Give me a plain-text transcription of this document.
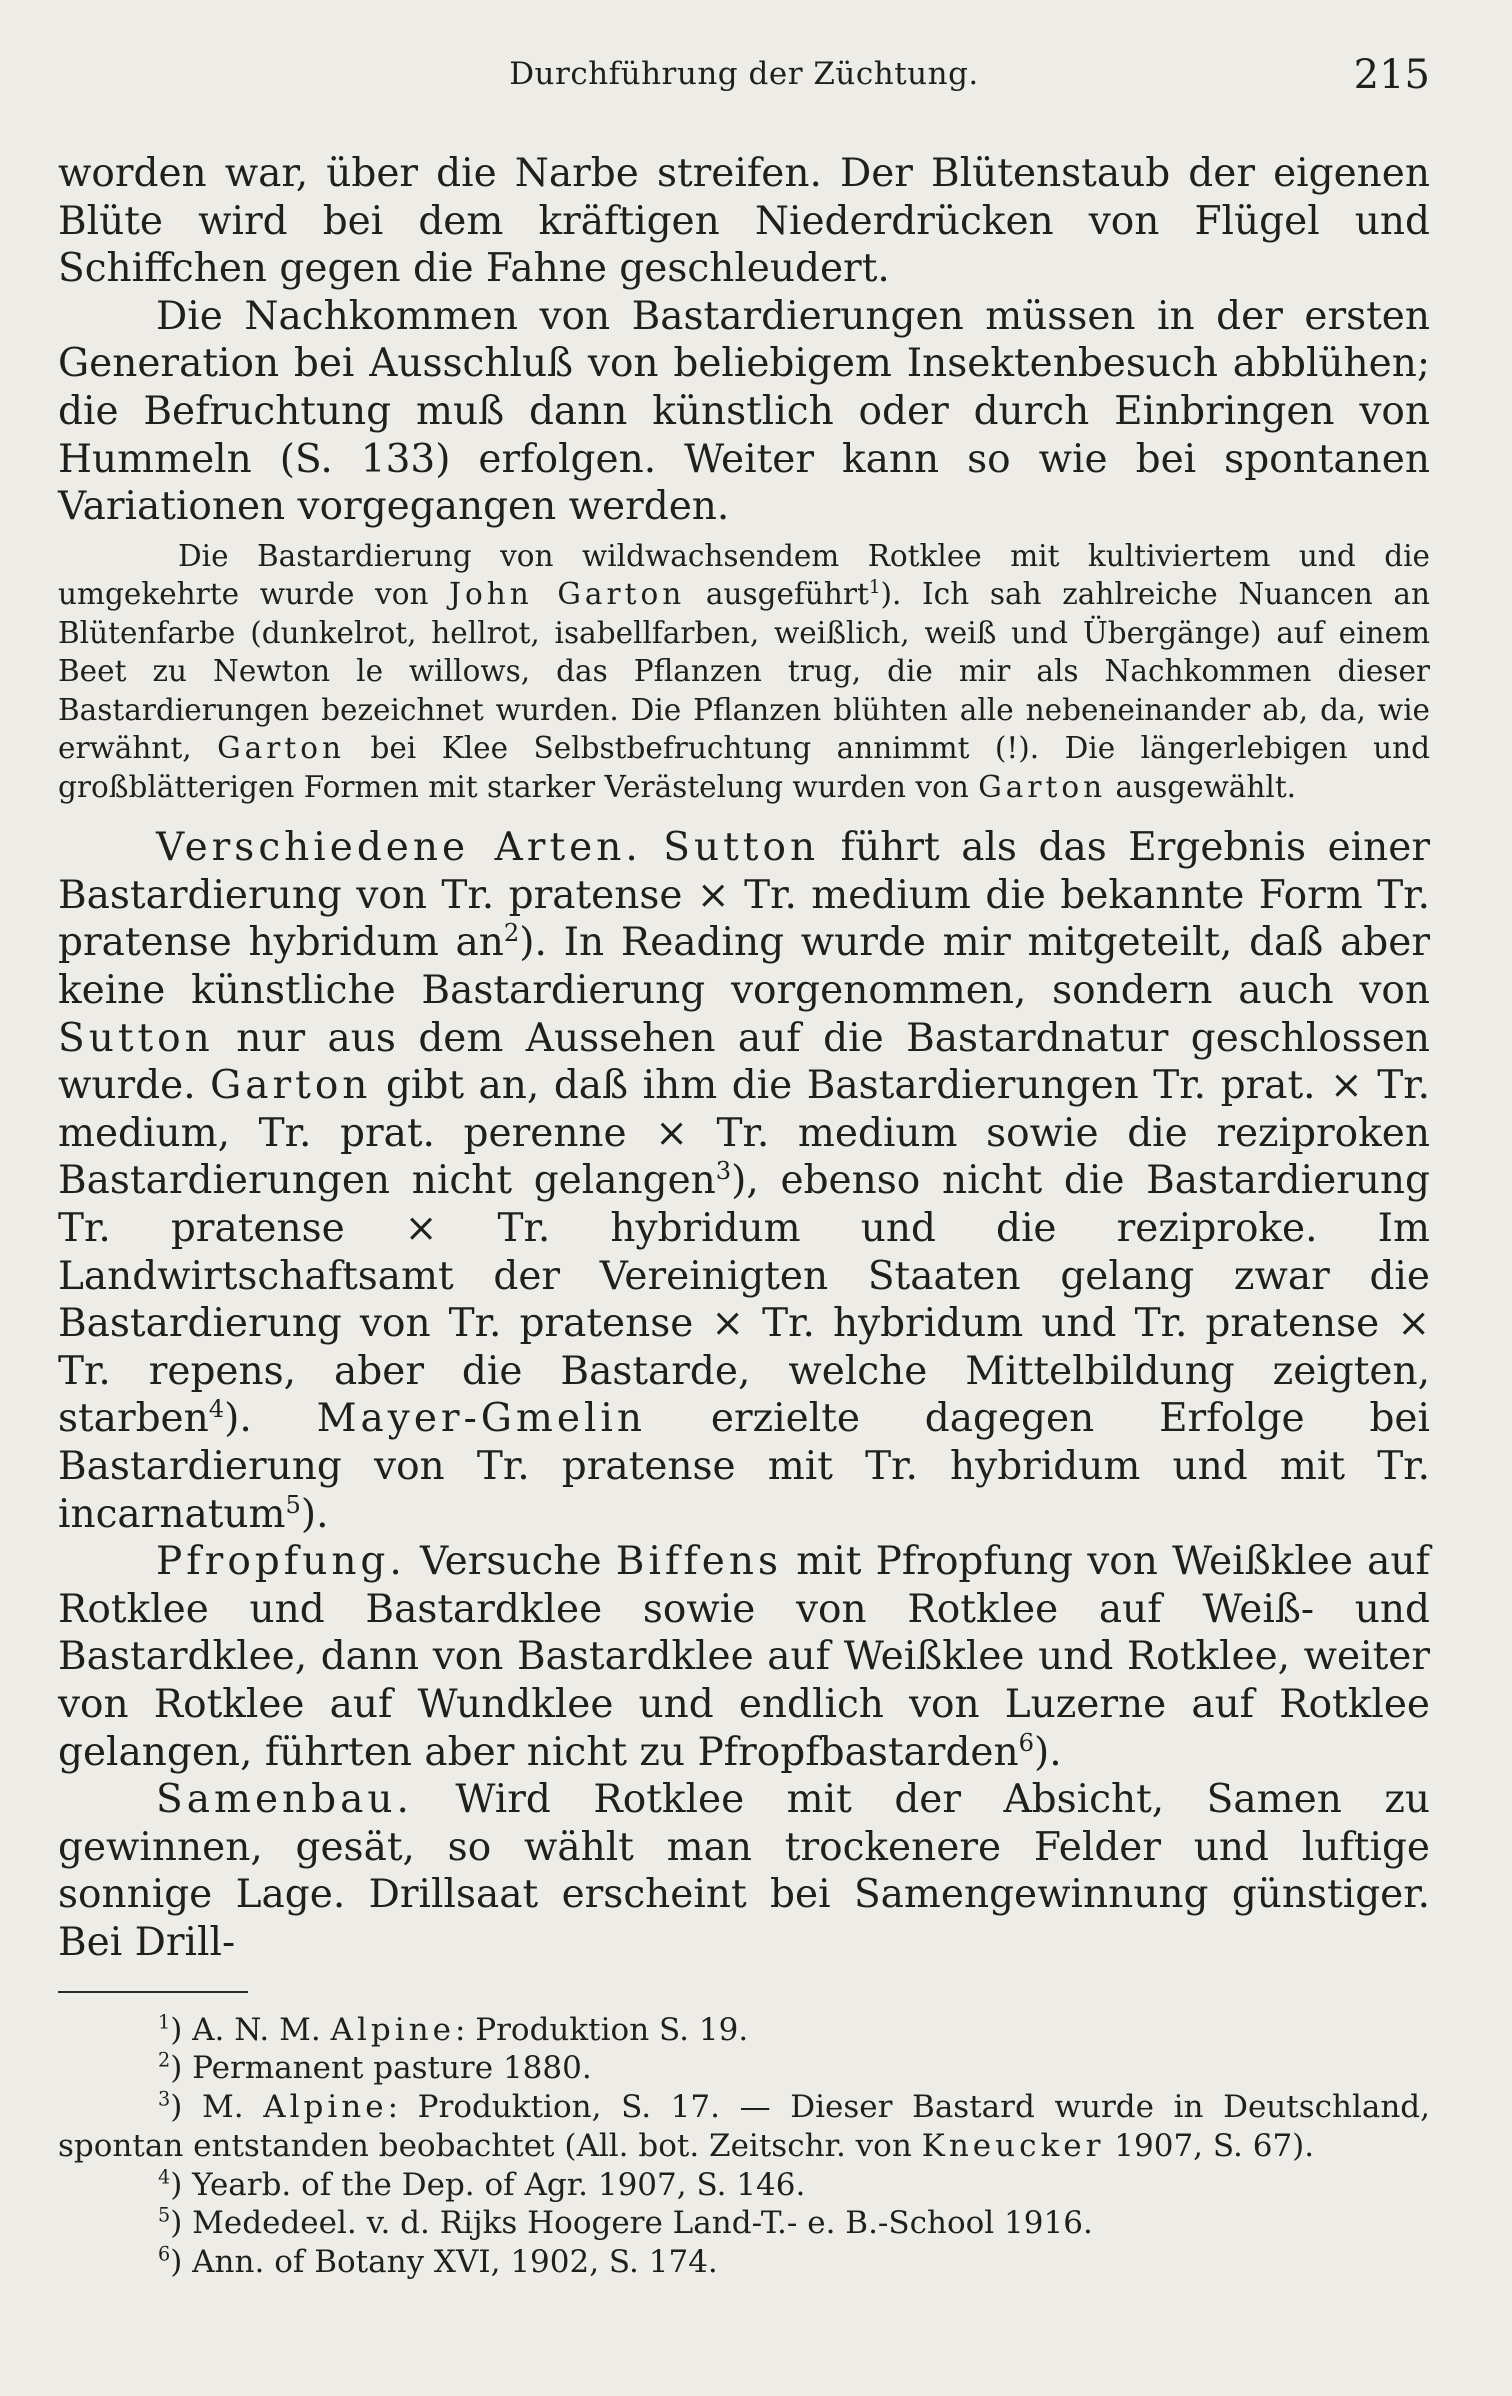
Durchführung der Züchtung.	215

worden war, über die Narbe streifen. Der Blütenstaub der eigenen Blüte wird bei dem kräftigen Niederdrücken von Flügel und Schiffchen gegen die Fahne geschleudert.

Die Nachkommen von Bastardierungen müssen in der ersten Generation bei Ausschluß von beliebigem Insektenbesuch abblühen; die Befruchtung muß dann künstlich oder durch Einbringen von Hummeln (S. 133) erfolgen. Weiter kann so wie bei spontanen Variationen vorgegangen werden.

Die Bastardierung von wildwachsendem Rotklee mit kultiviertem und die umgekehrte wurde von John Garton ausgeführt$^1$). Ich sah zahlreiche Nuancen an Blütenfarbe (dunkelrot, hellrot, isabellfarben, weißlich, weiß und Übergänge) auf einem Beet zu Newton le willows, das Pflanzen trug, die mir als Nachkommen dieser Bastardierungen bezeichnet wurden. Die Pflanzen blühten alle nebeneinander ab, da, wie erwähnt, Garton bei Klee Selbstbefruchtung annimmt (!). Die längerlebigen und großblätterigen Formen mit starker Verästelung wurden von Garton ausgewählt.

Verschiedene Arten. Sutton führt als das Ergebnis einer Bastardierung von Tr. pratense × Tr. medium die bekannte Form Tr. pratense hybridum $an^2$). In Reading wurde mir mitgeteilt, daß aber keine künstliche Bastardierung vorgenommen, sondern auch von Sutton nur aus dem Aussehen auf die Bastardnatur geschlossen wurde. Garton gibt an, daß ihm die Bastardierungen Tr. prat. × Tr. medium, Tr. prat. perenne × Tr. medium sowie die reziproken Bastardierungen nicht gelangen$^3$), ebenso nicht die Bastardierung Tr. pratense × Tr. hybridum und die reziproke. Im Landwirtschaftsamt der Vereinigten Staaten gelang zwar die Bastardierung von Tr. pratense × Tr. hybridum und Tr. pratense × Tr. repens, aber die Bastarde, welche Mittelbildung zeigten, starben$^4$). Mayer-Gmelin erzielte dagegen Erfolge bei Bastardierung von Tr. pratense mit Tr. hybridum und mit Tr. incarnatum$^5$).

Pfropfung. Versuche Biffens mit Pfropfung von Weißklee auf Rotklee und Bastardklee sowie von Rotklee auf Weiß- und Bastardklee, dann von Bastardklee auf Weißklee und Rotklee, weiter von Rotklee auf Wundklee und endlich von Luzerne auf Rotklee gelangen, führten aber nicht zu Pfropfbastarden$^6$).

Samenbau. Wird Rotklee mit der Absicht, Samen zu gewinnen, gesät, so wählt man trockenere Felder und luftige sonnige Lage. Drillsaat erscheint bei Samengewinnung günstiger. Bei Drill-

$^1$) A. N. M. Alpine: Produktion S. 19.

$^2$) Permanent pasture 1880.

$^3$) M. Alpine: Produktion, S. 17. — Dieser Bastard wurde in Deutschland, spontan entstanden beobachtet (All. bot. Zeitschr. von Kneucker 1907, S. 67).

$^4$) Yearb. of the Dep. of Agr. 1907, S. 146.

$^5$) Mededeel. v. d. Rijks Hoogere Land-T.- e. B.-School 1916.

$^6$) Ann. of Botany XVI, 1902, S. 174.
